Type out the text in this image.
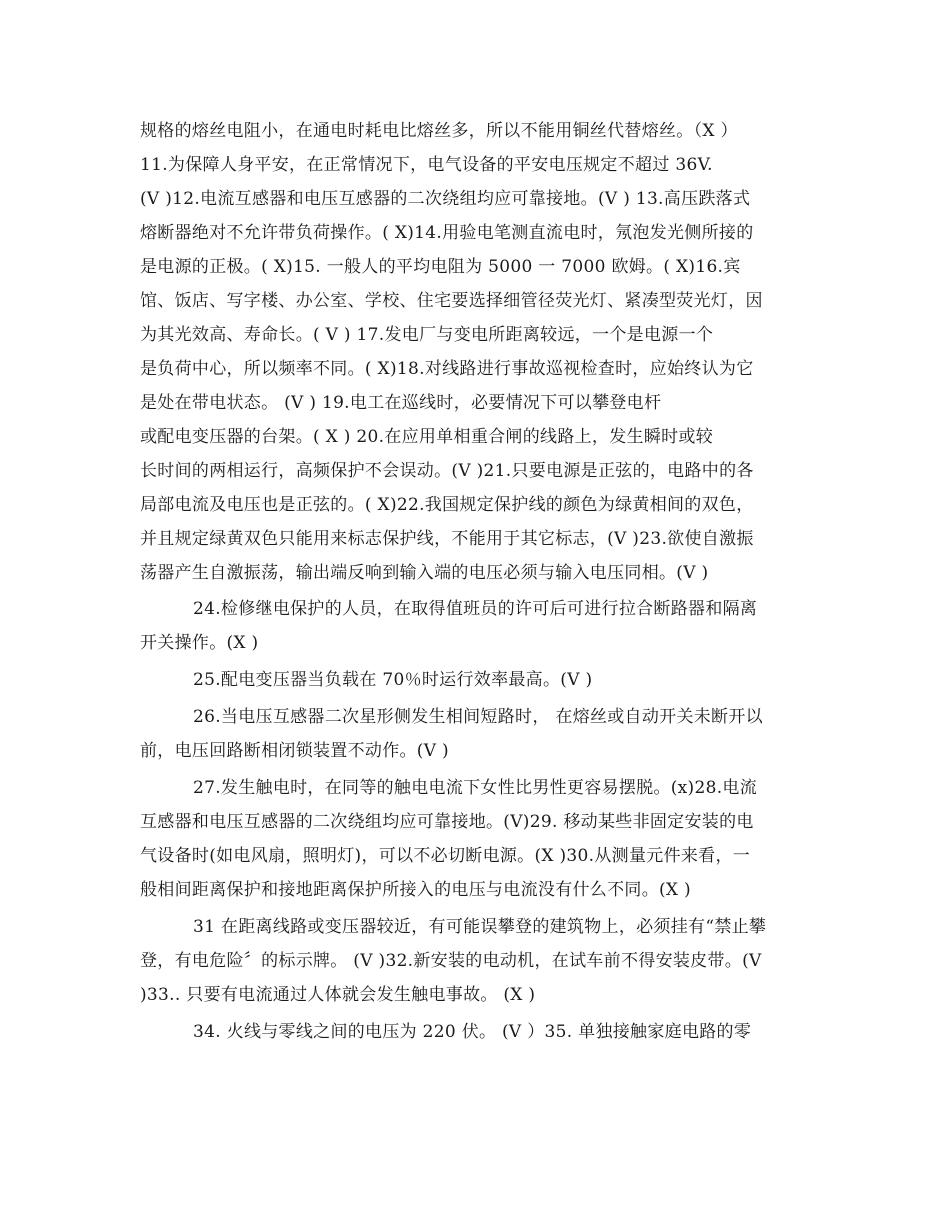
规格的熔丝电阻小，在通电时耗电比熔丝多，所以不能用铜丝代替熔丝。（X ）
11.为保障人身平安，在正常情况下，电气设备的平安电压规定不超过 36V.
(V )12.电流互感器和电压互感器的二次绕组均应可靠接地。(V ) 13.高压跌落式
熔断器绝对不允许带负荷操作。( X)14.用验电笔测直流电时，氖泡发光侧所接的
是电源的正极。( X)15. 一般人的平均电阻为 5000 一 7000 欧姆。( X)16.宾
馆、饭店、写字楼、办公室、学校、住宅要选择细管径荧光灯、紧凑型荧光灯，因
为其光效高、寿命长。( V ) 17.发电厂与变电所距离较远，一个是电源一个
是负荷中心，所以频率不同。( X)18.对线路进行事故巡视检查时，应始终认为它
是处在带电状态。 (V ) 19.电工在巡线时，必要情况下可以攀登电杆
或配电变压器的台架。( X ) 20.在应用单相重合闸的线路上，发生瞬时或较
长时间的两相运行，高频保护不会误动。(V )21.只要电源是正弦的，电路中的各
局部电流及电压也是正弦的。( X)22.我国规定保护线的颜色为绿黄相间的双色，
并且规定绿黄双色只能用来标志保护线，不能用于其它标志，(V )23.欲使自激振
荡器产生自激振荡，输出端反响到输入端的电压必须与输入电压同相。(V )
24.检修继电保护的人员，在取得值班员的许可后可进行拉合断路器和隔离
开关操作。(X )
25.配电变压器当负载在 70％时运行效率最高。(V )
26.当电压互感器二次星形侧发生相间短路时， 在熔丝或自动开关未断开以
前，电压回路断相闭锁装置不动作。(V )
27.发生触电时，在同等的触电电流下女性比男性更容易摆脱。(x)28.电流
互感器和电压互感器的二次绕组均应可靠接地。(V)29. 移动某些非固定安装的电
气设备时(如电风扇，照明灯)，可以不必切断电源。(X )30.从测量元件来看，一
般相间距离保护和接地距离保护所接入的电压与电流没有什么不同。(X )
31 在距离线路或变压器较近，有可能误攀登的建筑物上，必须挂有“禁止攀
登，有电危险〞的标示牌。 (V )32.新安装的电动机，在试车前不得安装皮带。(V
)33.. 只要有电流通过人体就会发生触电事故。 (X )
34. 火线与零线之间的电压为 220 伏。 (V ）35. 单独接触家庭电路的零
